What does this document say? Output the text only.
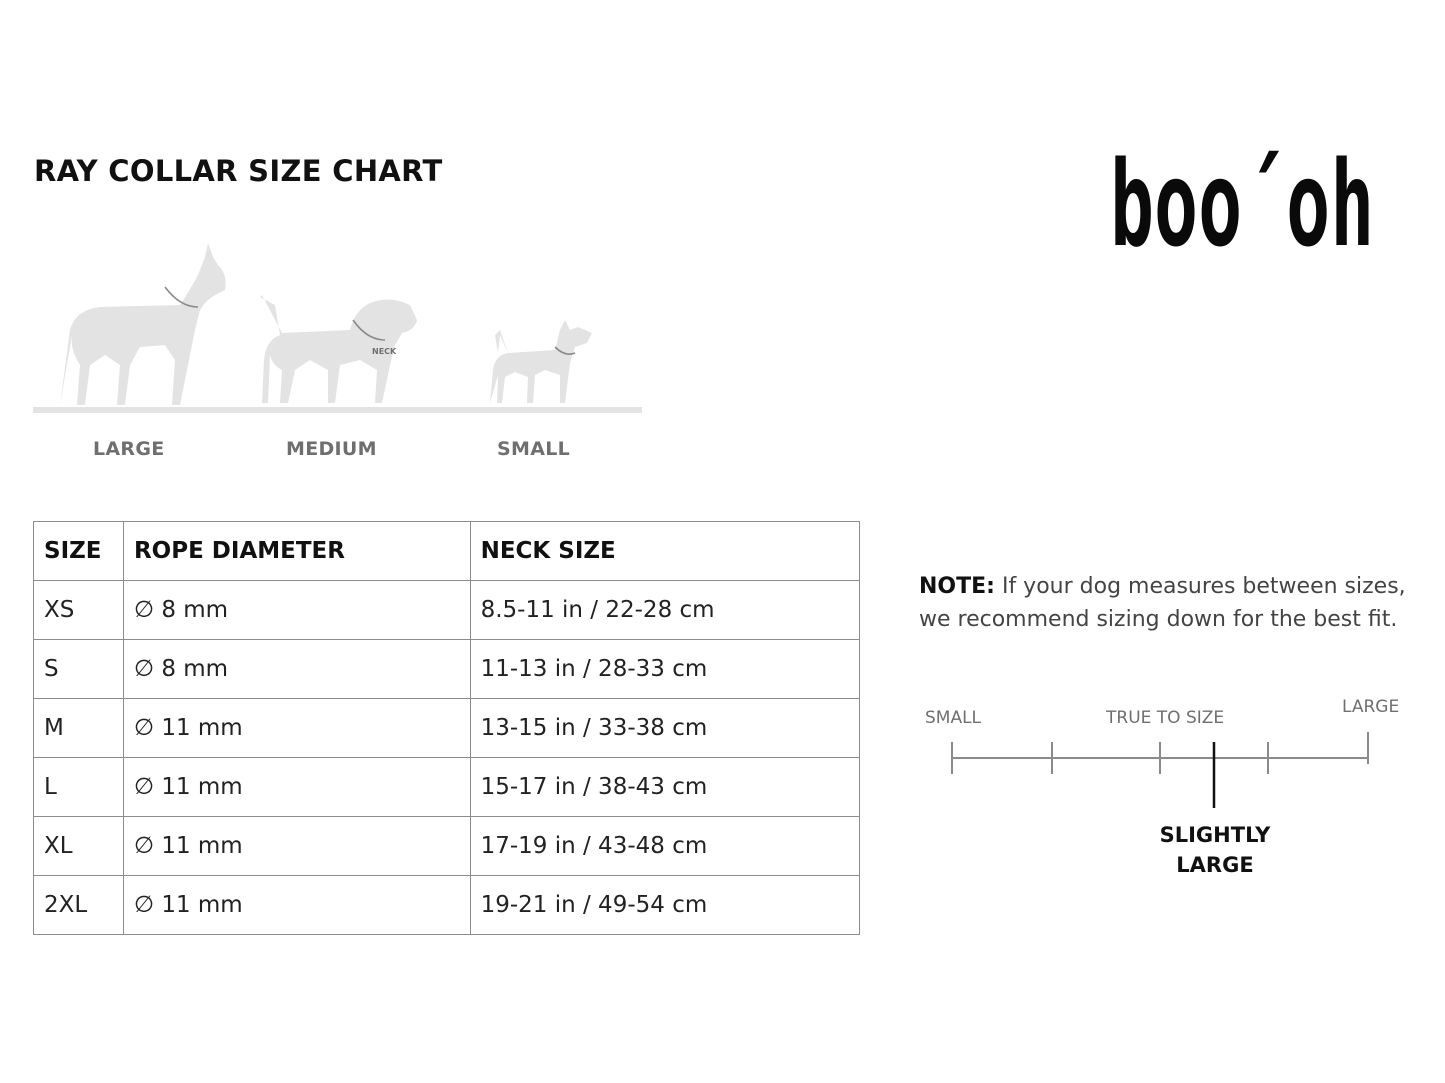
RAY COLLAR SIZE CHART	boo´oh
NECK
LARGE	MEDIUM	SMALL
SIZE	ROPE DIAMETER	NECK SIZE
XS	∅ 8 mm	8.5-11 in / 22-28 cm
S	∅ 8 mm	11-13 in / 28-33 cm
M	∅ 11 mm	13-15 in / 33-38 cm
L	∅ 11 mm	15-17 in / 38-43 cm
XL	∅ 11 mm	17-19 in / 43-48 cm
2XL	∅ 11 mm	19-21 in / 49-54 cm
NOTE: If your dog measures between sizes, we recommend sizing down for the best fit.
SMALL	TRUE TO SIZE
LARGE
SLIGHTLY
LARGE
